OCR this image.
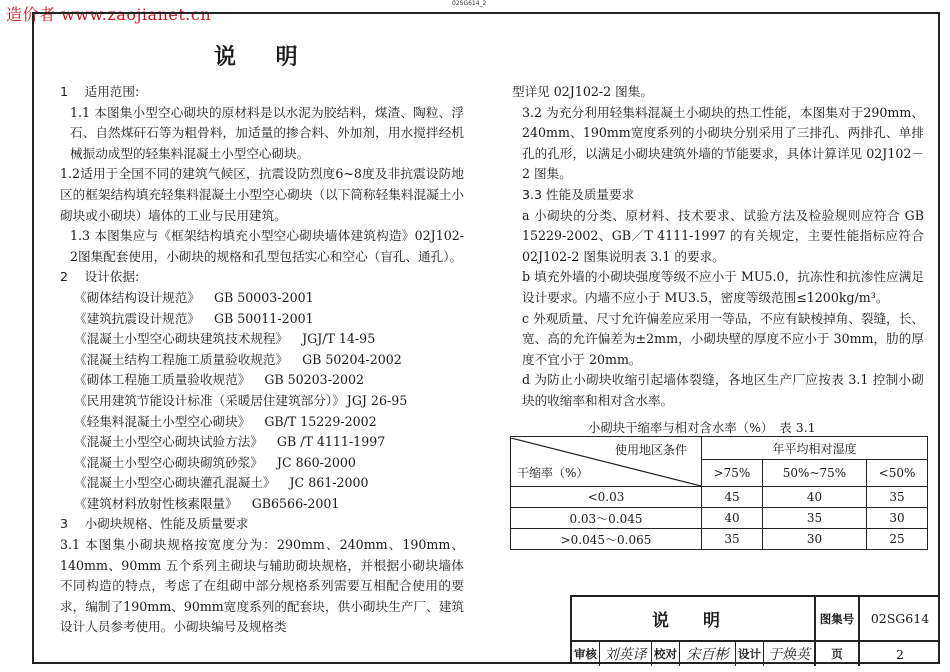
造价者 www.zaojianet.cn
02SG614_2
说 明

1　 适用范围:

1.1 本图集小型空心砌块的原材料是以水泥为胶结料，煤渣、陶粒、浮石、自然煤矸石等为粗骨料，加适量的掺合料、外加剂，用水搅拌经机械振动成型的轻集料混凝土小型空心砌块。

1.2适用于全国不同的建筑气候区，抗震设防烈度6~8度及非抗震设防地区的框架结构填充轻集料混凝土小型空心砌块（以下简称轻集料混凝土小砌块或小砌块）墙体的工业与民用建筑。

1.3 本图集应与《框架结构填充小型空心砌块墙体建筑构造》02J102-2图集配套使用，小砌块的规格和孔型包括实心和空心（盲孔、通孔）。

2　 设计依据:

《砌体结构设计规范》 GB 50003-2001

《建筑抗震设计规范》 GB 50011-2001

《混凝土小型空心砌块建筑技术规程》 JGJ/T 14-95

《混凝土结构工程施工质量验收规范》 GB 50204-2002

《砌体工程施工质量验收规范》 GB 50203-2002

《民用建筑节能设计标准（采暖居住建筑部分）》 JGJ 26-95

《轻集料混凝土小型空心砌块》 GB/T 15229-2002

《混凝土小型空心砌块试验方法》 GB /T 4111-1997

《混凝土小型空心砌块砌筑砂浆》 JC 860-2000

《混凝土小型空心砌块灌孔混凝土》 JC 861-2000

《建筑材料放射性核素限量》 GB6566-2001

3　 小砌块规格、性能及质量要求

3.1 本图集小砌块规格按宽度分为：290mm、240mm、190mm、140mm、90mm 五个系列主砌块与辅助砌块规格，并根据小砌块墙体不同构造的特点，考虑了在组砌中部分规格系列需要互相配合使用的要求，编制了190mm、90mm宽度系列的配套块，供小砌块生产厂、建筑设计人员参考使用。小砌块编号及规格类

型详见 02J102-2 图集。

3.2 为充分利用轻集料混凝土小砌块的热工性能，本图集对于290mm、240mm、190mm宽度系列的小砌块分别采用了三排孔、两排孔、单排孔的孔形，以满足小砌块建筑外墙的节能要求，具体计算详见 02J102－2 图集。

3.3 性能及质量要求

a 小砌块的分类、原材料、技术要求、试验方法及检验规则应符合 GB 15229-2002、GB／T 4111-1997 的有关规定，主要性能指标应符合 02J102-2 图集说明表 3.1 的要求。

b 填充外墙的小砌块强度等级不应小于 MU5.0，抗冻性和抗渗性应满足设计要求。内墙不应小于 MU3.5，密度等级范围≤1200kg/m³。

c 外观质量、尺寸允许偏差应采用一等品，不应有缺棱掉角、裂缝，长、宽、高的允许偏差为±2mm，小砌块壁的厚度不应小于 30mm，肋的厚度不宜小于 20mm。

d 为防止小砌块收缩引起墙体裂缝，各地区生产厂应按表 3.1 控制小砌块的收缩率和相对含水率。

小砌块干缩率与相对含水率（%）　表 3.1
使用地区条件
干缩率（%）	年平均相对湿度		
	>75%	50%~75%	<50%
<0.03	45	40	35
0.03～0.045	40	35	30
>0.045～0.065	35	30	25
说 明	图集号	02SG614
审核 刘英译 校对 宋百彬 设计 于焕英	页	2
